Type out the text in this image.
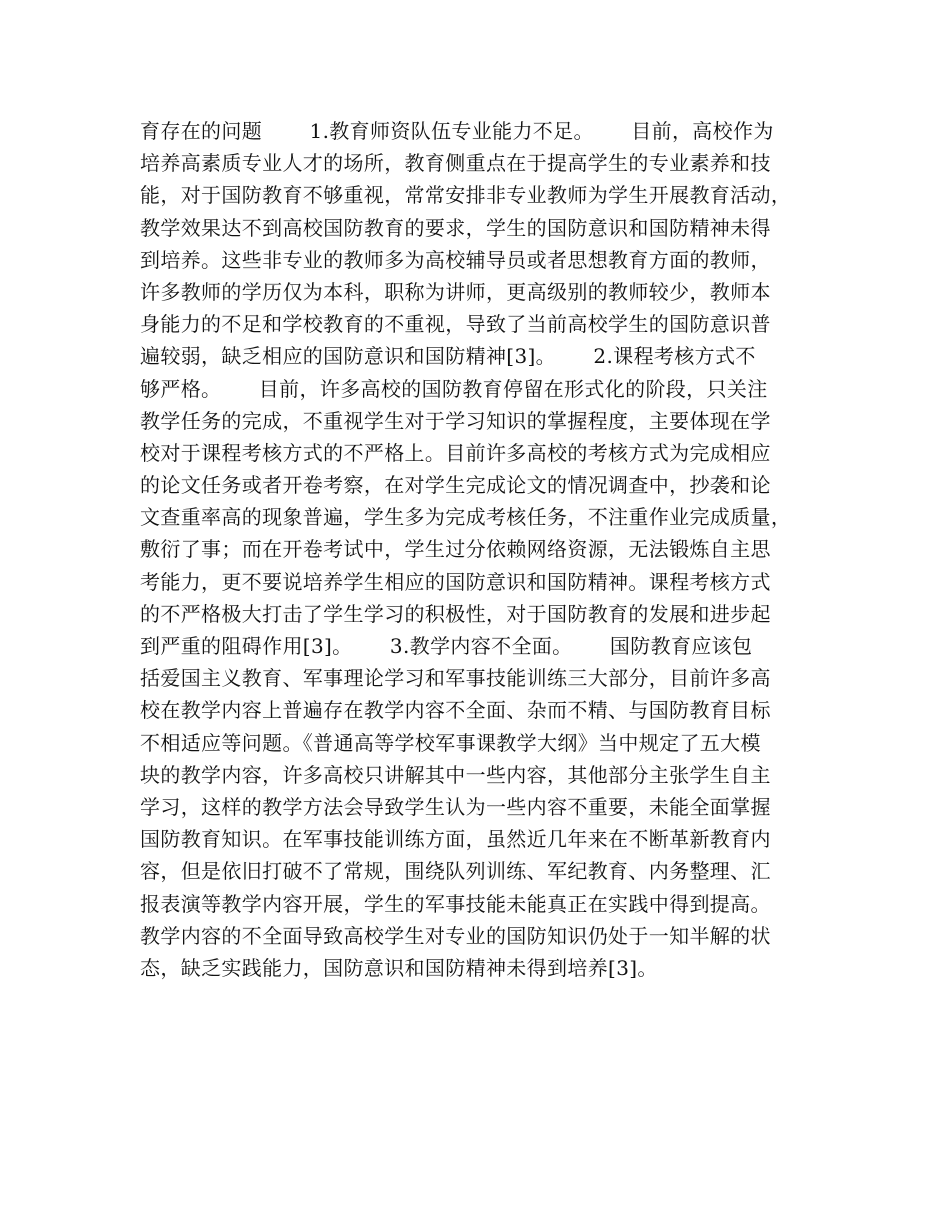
育存在的问题　　 1.教育师资队伍专业能力不足。　　 目前，高校作为
培养高素质专业人才的场所，教育侧重点在于提高学生的专业素养和技
能，对于国防教育不够重视，常常安排非专业教师为学生开展教育活动，
教学效果达不到高校国防教育的要求，学生的国防意识和国防精神未得
到培养。这些非专业的教师多为高校辅导员或者思想教育方面的教师，
许多教师的学历仅为本科，职称为讲师，更高级别的教师较少，教师本
身能力的不足和学校教育的不重视，导致了当前高校学生的国防意识普
遍较弱，缺乏相应的国防意识和国防精神[3]。　　 2.课程考核方式不
够严格。　　 目前，许多高校的国防教育停留在形式化的阶段，只关注
教学任务的完成，不重视学生对于学习知识的掌握程度，主要体现在学
校对于课程考核方式的不严格上。目前许多高校的考核方式为完成相应
的论文任务或者开卷考察，在对学生完成论文的情况调查中，抄袭和论
文查重率高的现象普遍，学生多为完成考核任务，不注重作业完成质量，
敷衍了事；而在开卷考试中，学生过分依赖网络资源，无法锻炼自主思
考能力，更不要说培养学生相应的国防意识和国防精神。课程考核方式
的不严格极大打击了学生学习的积极性，对于国防教育的发展和进步起
到严重的阻碍作用[3]。　　 3.教学内容不全面。　　 国防教育应该包
括爱国主义教育、军事理论学习和军事技能训练三大部分，目前许多高
校在教学内容上普遍存在教学内容不全面、杂而不精、与国防教育目标
不相适应等问题。《普通高等学校军事课教学大纲》当中规定了五大模
块的教学内容，许多高校只讲解其中一些内容，其他部分主张学生自主
学习，这样的教学方法会导致学生认为一些内容不重要，未能全面掌握
国防教育知识。在军事技能训练方面，虽然近几年来在不断革新教育内
容，但是依旧打破不了常规，围绕队列训练、军纪教育、内务整理、汇
报表演等教学内容开展，学生的军事技能未能真正在实践中得到提高。
教学内容的不全面导致高校学生对专业的国防知识仍处于一知半解的状
态，缺乏实践能力，国防意识和国防精神未得到培养[3]。
